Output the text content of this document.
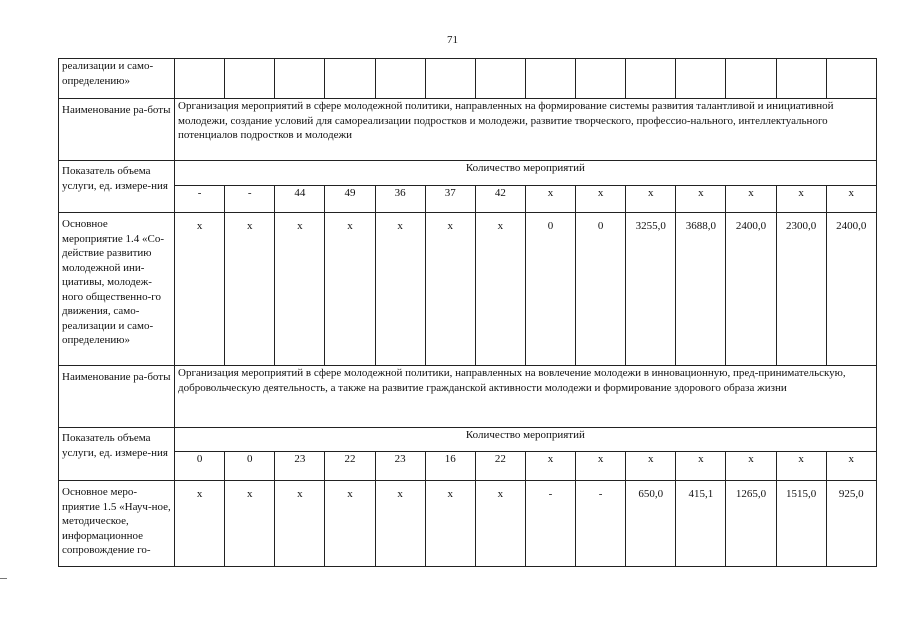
71
реализации и само-определению»														
Наименование ра-боты	Организация мероприятий в сфере молодежной политики, направленных на формирование системы развития талантливой и инициативной молодежи, создание условий для самореализации подростков и молодежи, развитие творческого, профессио-нального, интеллектуального потенциалов подростков и молодежи													
Показатель объема услуги, ед. измере-ния	Количество мероприятий													
	-	-	44	49	36	37	42	x	x	x	x	x	x	x
Основное мероприятие 1.4 «Со-действие развитию молодежной ини-циативы, молодеж-ного общественно-го движения, само-реализации и само-определению»	x	x	x	x	x	x	x	0	0	3255,0	3688,0	2400,0	2300,0	2400,0
Наименование ра-боты	Организация мероприятий в сфере молодежной политики, направленных на вовлечение молодежи в инновационную, пред-принимательскую, добровольческую деятельность, а также на развитие гражданской активности молодежи и формирование здорового образа жизни													
Показатель объема услуги, ед. измере-ния	Количество мероприятий													
	0	0	23	22	23	16	22	x	x	x	x	x	x	x
Основное меро-приятие 1.5 «Науч-ное, методическое, информационное сопровождение го-	x	x	x	x	x	x	x	-	-	650,0	415,1	1265,0	1515,0	925,0
